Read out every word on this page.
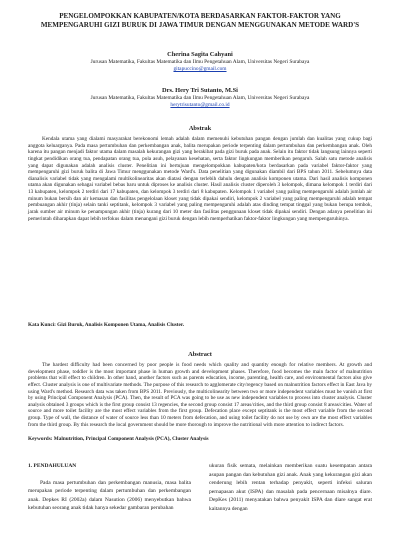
PENGELOMPOKKAN KABUPATEN/KOTA BERDASARKAN FAKTOR-FAKTOR YANG MEMPENGARUHI GIZI BURUK DI JAWA TIMUR DENGAN MENGGUNAKAN METODE WARD'S
Cherina Sagita Cahyani
Jurusan Matematika, Fakultas Matematika dan Ilmu Pengetahuan Alam, Universitas Negeri Surabaya
gitapuccino@gmail.com
Drs. Hery Tri Sutanto, M.Si
Jurusan Matematika, Fakultas Matematika dan Ilmu Pengetahuan Alam, Universitas Negeri Surabaya
herytrisutanto@gmail.co.id
Abstrak
Kendala utama yang dialami masyarakat berekonomi lemah adalah dalam memenuhi kebutuhan pangan dengan jumlah dan kualitas yang cukup bagi anggota keluarganya. Pada masa pertumbuhan dan perkembangan anak, balita merupakan periode terpenting dalam pertumbuhan dan perkembangan anak. Oleh karena itu pangan menjadi faktor utama dalam masalah kekurangan gizi yang berakibat pada gizi buruk pada anak. Selain itu faktor tidak langsung lainnya seperti tingkat pendidikan orang tua, pendapatan orang tua, pola asuh, pelayanan kesehatan, serta faktor lingkungan memberikan pengaruh. Salah satu metode analisis yang dapat digunakan adalah analisis cluster. Penelitian ini bertujuan mengelompokkan kabupaten/kota berdasarkan pada variabel faktor-faktor yang mempengaruhi gizi buruk balita di Jawa Timur menggunakan metode Ward's. Data penelitian yang digunakan diambil dari BPS tahun 2011. Sebelumnya data dianalisis variabel tidak yang mengalami multikolinearitas akan diatasi dengan terlebih dahulu dengan analisis komponen utama. Dari hasil analisis komponen utama akan digunakan sebagai variabel bebas baru untuk diproses ke analisis cluster. Hasil analisis cluster diperoleh 3 kelompok, dimana kelompok 1 terdiri dari 13 kabupaten, kelompok 2 terdiri dari 17 kabupaten, dan kelompok 3 terdiri dari 8 kabupaten. Kelompok 1 variabel yang paling mempengaruhi adalah jumlah air minum bukan bersih dan air kemasan dan fasilitas pengelolaan kloset yang tidak dipakai sendiri, kelompok 2 variabel yang paling mempengaruhi adalah tempat pembuangan akhir (tinja) selain tanki septitank, kelompok 3 variabel yang paling mempengaruhi adalah atas dinding tempat tinggal yang bukan berupa tembok, jarak sumber air minum ke penampungan akhir (tinja) kurang dari 10 meter dan fasilitas penggunaan kloset tidak dipakai sendiri. Dengan adanya penelitian ini pemerintah diharapkan dapat lebih terfokus dalam menangani gizi buruk dengan lebih memperhatikan faktor-faktor lingkungan yang mempengaruhinya.
Kata Kunci: Gizi Buruk, Analisis Komponen Utama, Analisis Cluster.
Abstract
The hardest difficulty had been concerned by poor people is food needs which quality and quantity enough for relative members. At growth and development phase, toddler is the most important phase in human growth and development phases. Therefore, food becomes the main factor of malnutrition problems that will effect to children. In other hand, another factors such as parents education, income, parenting, health care, and environmental factors also give effect. Cluster analysis is one of multivariate methods. The purpose of this research to agglomerate city/regency based on malnutrition factors effect in East Java by using Ward's method. Research data was taken from BPS 2011. Previously, the multicolinearity between two or more independent variables must be vanish at first by using Principal Component Analysis (PCA). Then, the result of PCA was going to be use as new independent variables to process into cluster analysis. Cluster analysis obtained 3 groups which is the first group consist 13 regencies, the second group consist 17 areas/cities, and the third group consist 8 areas/cities. Water of source and more toilet facility are the most effect variables from the first group. Defecation place except septitank is the most effect variable from the second group. Type of wall, the distance of water of source less than 10 meters from defecation, and using toilet facility do not use by own are the most effect variables from the third group. By this research the local government should be more thorough to improve the nutritional with more attention to indirect factors.
Keywords: Malnutrition, Principal Component Analysis (PCA), Cluster Analysis
1. PENDAHULUAN
Pada masa pertumbuhan dan perkembangan manusia, masa balita merupakan periode terpenting dalam pertumbuhan dan perkembangan anak. Depkes RI (2002a) dalam Nasution (2006) menyebutkan bahwa kebutuhan seorang anak tidak hanya sekedar gambaran perubahan
ukuran fisik semata, melainkan memberikan suatu kesempatan antara asupan pangan dan kebutuhan gizi anak. Anak yang kekurangan gizi akan cenderung lebih rentan terhadap penyakit, seperti infeksi saluran pernapasan akut (ISPA) dan masalah pada pencernaan misalnya diare. DepKes (2011) menyatakan bahwa penyakit ISPA dan diare sangat erat kaitannya dengan
